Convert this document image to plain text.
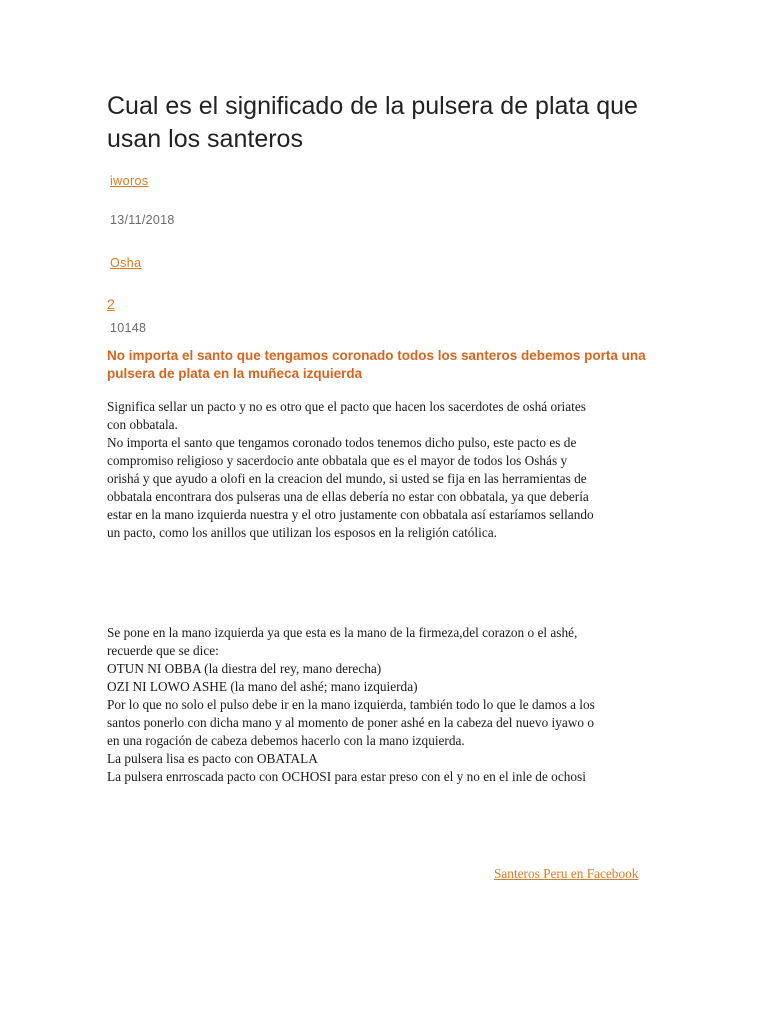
Cual es el significado de la pulsera de plata que usan los santeros
iworos
13/11/2018
Osha
2
10148
No importa el santo que tengamos coronado todos los santeros debemos porta una pulsera de plata en la muñeca izquierda

Significa sellar un pacto y no es otro que el pacto que hacen los sacerdotes de oshá oriates
con obbatala.
No importa el santo que tengamos coronado todos tenemos dicho pulso, este pacto es de
compromiso religioso y sacerdocio ante obbatala que es el mayor de todos los Oshás y
orishá y que ayudo a olofi en la creacion del mundo, si usted se fija en las herramientas de
obbatala encontrara dos pulseras una de ellas debería no estar con obbatala, ya que debería
estar en la mano izquierda nuestra y el otro justamente con obbatala así estaríamos sellando
un pacto, como los anillos que utilizan los esposos en la religión católica.

Se pone en la mano izquierda ya que esta es la mano de la firmeza,del corazon o el ashé,
recuerde que se dice:
OTUN NI OBBA (la diestra del rey, mano derecha)
OZI NI LOWO ASHE (la mano del ashé; mano izquierda)
Por lo que no solo el pulso debe ir en la mano izquierda, también todo lo que le damos a los
santos ponerlo con dicha mano y al momento de poner ashé en la cabeza del nuevo iyawo o
en una rogación de cabeza debemos hacerlo con la mano izquierda.
La pulsera lisa es pacto con OBATALA
La pulsera enrroscada pacto con OCHOSI para estar preso con el y no en el inle de ochosi

Santeros Peru en Facebook
